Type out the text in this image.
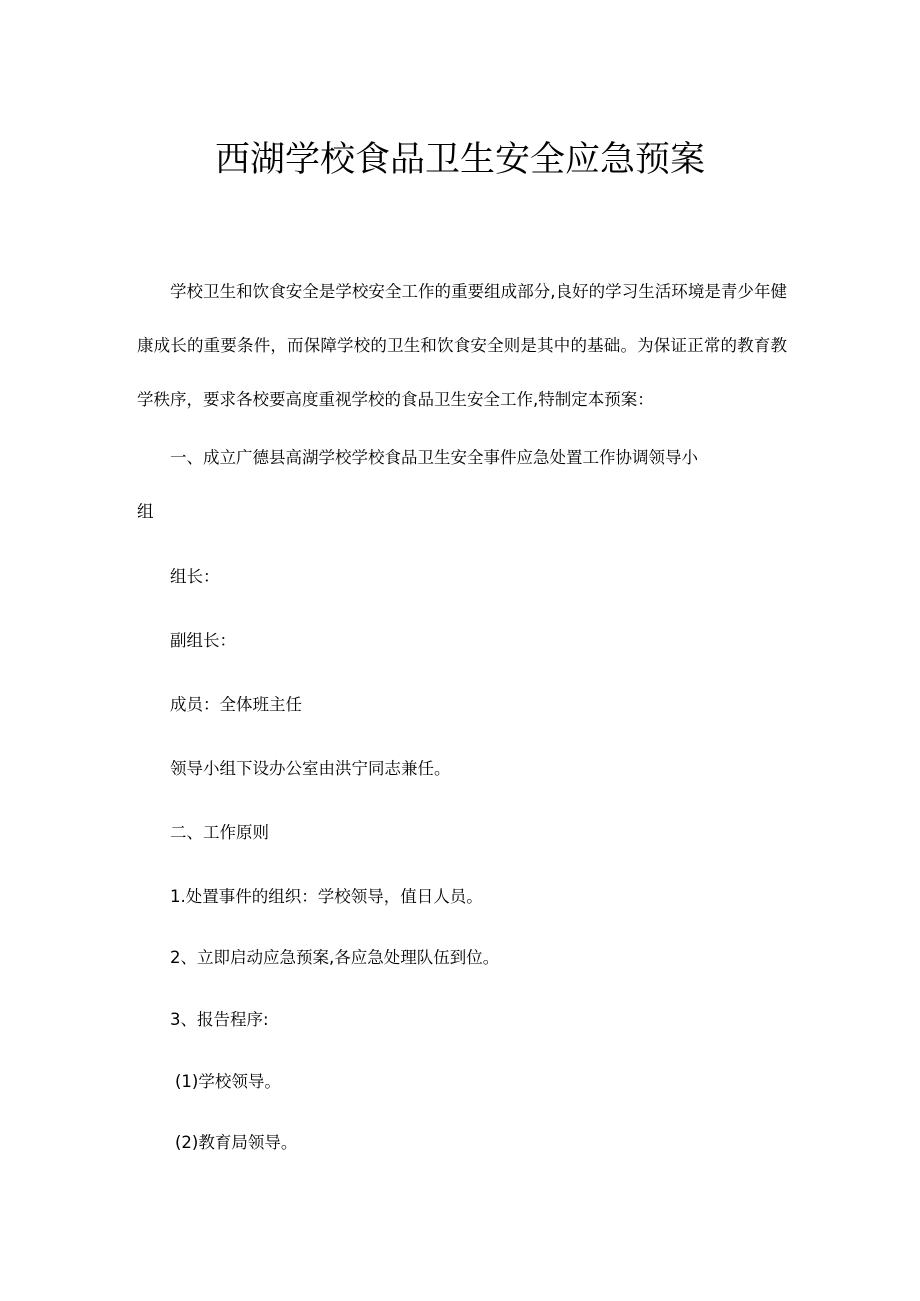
西湖学校食品卫生安全应急预案
学校卫生和饮食安全是学校安全工作的重要组成部分,良好的学习生活环境是青少年健康成长的重要条件，而保障学校的卫生和饮食安全则是其中的基础。为保证正常的教育教学秩序，要求各校要高度重视学校的食品卫生安全工作,特制定本预案：
一、成立广德县高湖学校学校食品卫生安全事件应急处置工作协调领导小
组
组长：
副组长：
成员：全体班主任
领导小组下设办公室由洪宁同志兼任。
二、工作原则
1.处置事件的组织：学校领导，值日人员。
2、立即启动应急预案,各应急处理队伍到位。
3、报告程序:
(1)学校领导。
(2)教育局领导。
